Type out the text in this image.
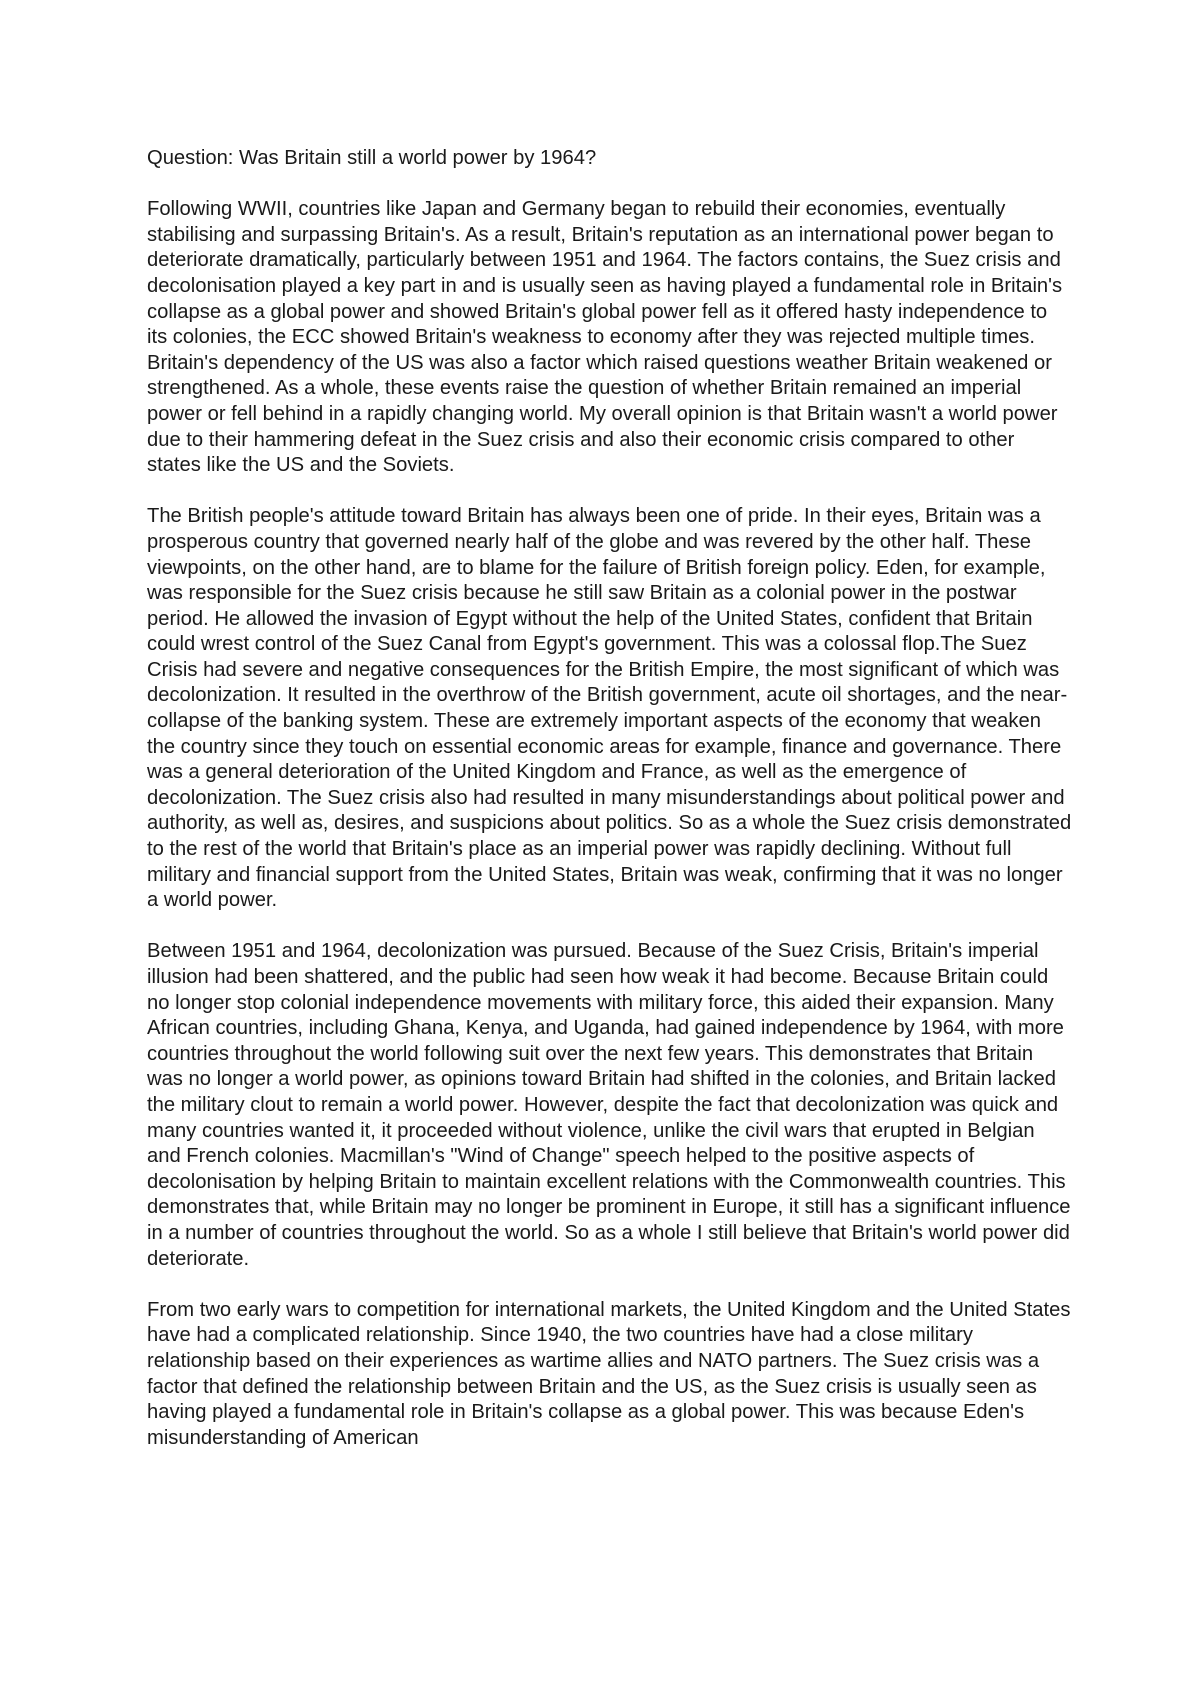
Question: Was Britain still a world power by 1964?

Following WWII, countries like Japan and Germany began to rebuild their economies, eventually stabilising and surpassing Britain's. As a result, Britain's reputation as an international power began to deteriorate dramatically, particularly between 1951 and 1964. The factors contains, the Suez crisis and decolonisation played a key part in and is usually seen as having played a fundamental role in Britain's collapse as a global power and showed Britain's global power fell as it offered hasty independence to its colonies, the ECC showed Britain's weakness to economy after they was rejected multiple times. Britain's dependency of the US was also a factor which raised questions weather Britain weakened or strengthened. As a whole, these events raise the question of whether Britain remained an imperial power or fell behind in a rapidly changing world. My overall opinion is that Britain wasn't a world power due to their hammering defeat in the Suez crisis and also their economic crisis compared to other states like the US and the Soviets.

The British people's attitude toward Britain has always been one of pride. In their eyes, Britain was a prosperous country that governed nearly half of the globe and was revered by the other half. These viewpoints, on the other hand, are to blame for the failure of British foreign policy. Eden, for example, was responsible for the Suez crisis because he still saw Britain as a colonial power in the postwar period. He allowed the invasion of Egypt without the help of the United States, confident that Britain could wrest control of the Suez Canal from Egypt's government. This was a colossal flop.The Suez Crisis had severe and negative consequences for the British Empire, the most significant of which was decolonization. It resulted in the overthrow of the British government, acute oil shortages, and the near-collapse of the banking system. These are extremely important aspects of the economy that weaken the country since they touch on essential economic areas for example, finance and governance. There was a general deterioration of the United Kingdom and France, as well as the emergence of decolonization. The Suez crisis also had resulted in many misunderstandings about political power and authority, as well as, desires, and suspicions about politics. So as a whole the Suez crisis demonstrated to the rest of the world that Britain's place as an imperial power was rapidly declining. Without full military and financial support from the United States, Britain was weak, confirming that it was no longer a world power.

Between 1951 and 1964, decolonization was pursued. Because of the Suez Crisis, Britain's imperial illusion had been shattered, and the public had seen how weak it had become. Because Britain could no longer stop colonial independence movements with military force, this aided their expansion. Many African countries, including Ghana, Kenya, and Uganda, had gained independence by 1964, with more countries throughout the world following suit over the next few years. This demonstrates that Britain was no longer a world power, as opinions toward Britain had shifted in the colonies, and Britain lacked the military clout to remain a world power. However, despite the fact that decolonization was quick and many countries wanted it, it proceeded without violence, unlike the civil wars that erupted in Belgian and French colonies. Macmillan's "Wind of Change" speech helped to the positive aspects of decolonisation by helping Britain to maintain excellent relations with the Commonwealth countries. This demonstrates that, while Britain may no longer be prominent in Europe, it still has a significant influence in a number of countries throughout the world. So as a whole I still believe that Britain's world power did deteriorate.

From two early wars to competition for international markets, the United Kingdom and the United States have had a complicated relationship. Since 1940, the two countries have had a close military relationship based on their experiences as wartime allies and NATO partners. The Suez crisis was a factor that defined the relationship between Britain and the US, as the Suez crisis is usually seen as having played a fundamental role in Britain's collapse as a global power. This was because Eden's misunderstanding of American
